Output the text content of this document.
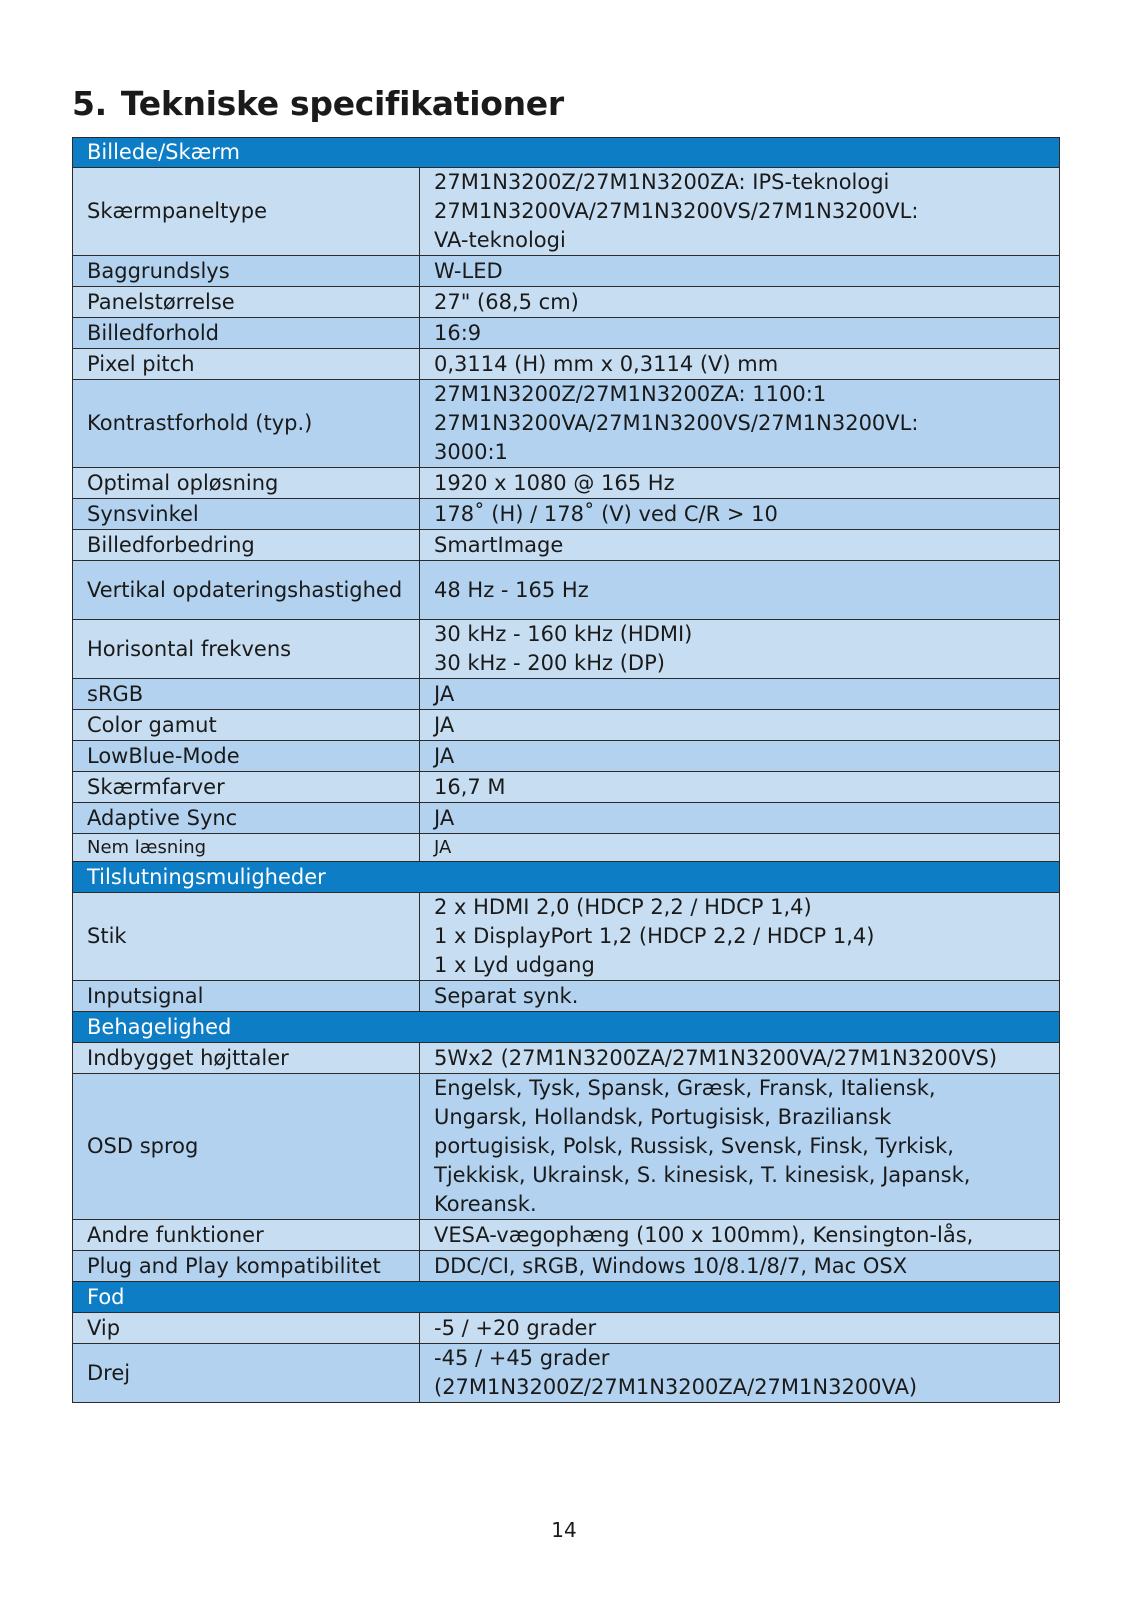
5. Tekniske specifikationer
Billede/Skærm	
Skærmpaneltype	27M1N3200Z/27M1N3200ZA: IPS-teknologi
27M1N3200VA/27M1N3200VS/27M1N3200VL:
VA-teknologi

Baggrundslys	W-LED

Panelstørrelse	27" (68,5 cm)

Billedforhold	16:9

Pixel pitch	0,3114 (H) mm x 0,3114 (V) mm

Kontrastforhold (typ.)	27M1N3200Z/27M1N3200ZA: 1100:1
27M1N3200VA/27M1N3200VS/27M1N3200VL:
3000:1

Optimal opløsning	1920 x 1080 @ 165 Hz

Synsvinkel	178˚ (H) / 178˚ (V) ved C/R > 10

Billedforbedring	SmartImage

Vertikal opdateringshastighed	48 Hz - 165 Hz

Horisontal frekvens	30 kHz - 160 kHz (HDMI)
30 kHz - 200 kHz (DP)

sRGB	JA

Color gamut	JA

LowBlue-Mode	JA

Skærmfarver	16,7 M

Adaptive Sync	JA

Nem læsning	JA

Tilslutningsmuligheder	
Stik	2 x HDMI 2,0 (HDCP 2,2 / HDCP 1,4)
1 x DisplayPort 1,2 (HDCP 2,2 / HDCP 1,4)
1 x Lyd udgang

Inputsignal	Separat synk.

Behagelighed	
Indbygget højttaler	5Wx2 (27M1N3200ZA/27M1N3200VA/27M1N3200VS)

OSD sprog	Engelsk, Tysk, Spansk, Græsk, Fransk, Italiensk,
Ungarsk, Hollandsk, Portugisisk, Braziliansk
portugisisk, Polsk, Russisk, Svensk, Finsk, Tyrkisk,
Tjekkisk, Ukrainsk, S. kinesisk, T. kinesisk, Japansk,
Koreansk.

Andre funktioner	VESA-vægophæng (100 x 100mm), Kensington-lås,

Plug and Play kompatibilitet	DDC/CI, sRGB, Windows 10/8.1/8/7, Mac OSX

Fod	
Vip	-5 / +20 grader

Drej	-45 / +45 grader
(27M1N3200Z/27M1N3200ZA/27M1N3200VA)
14
